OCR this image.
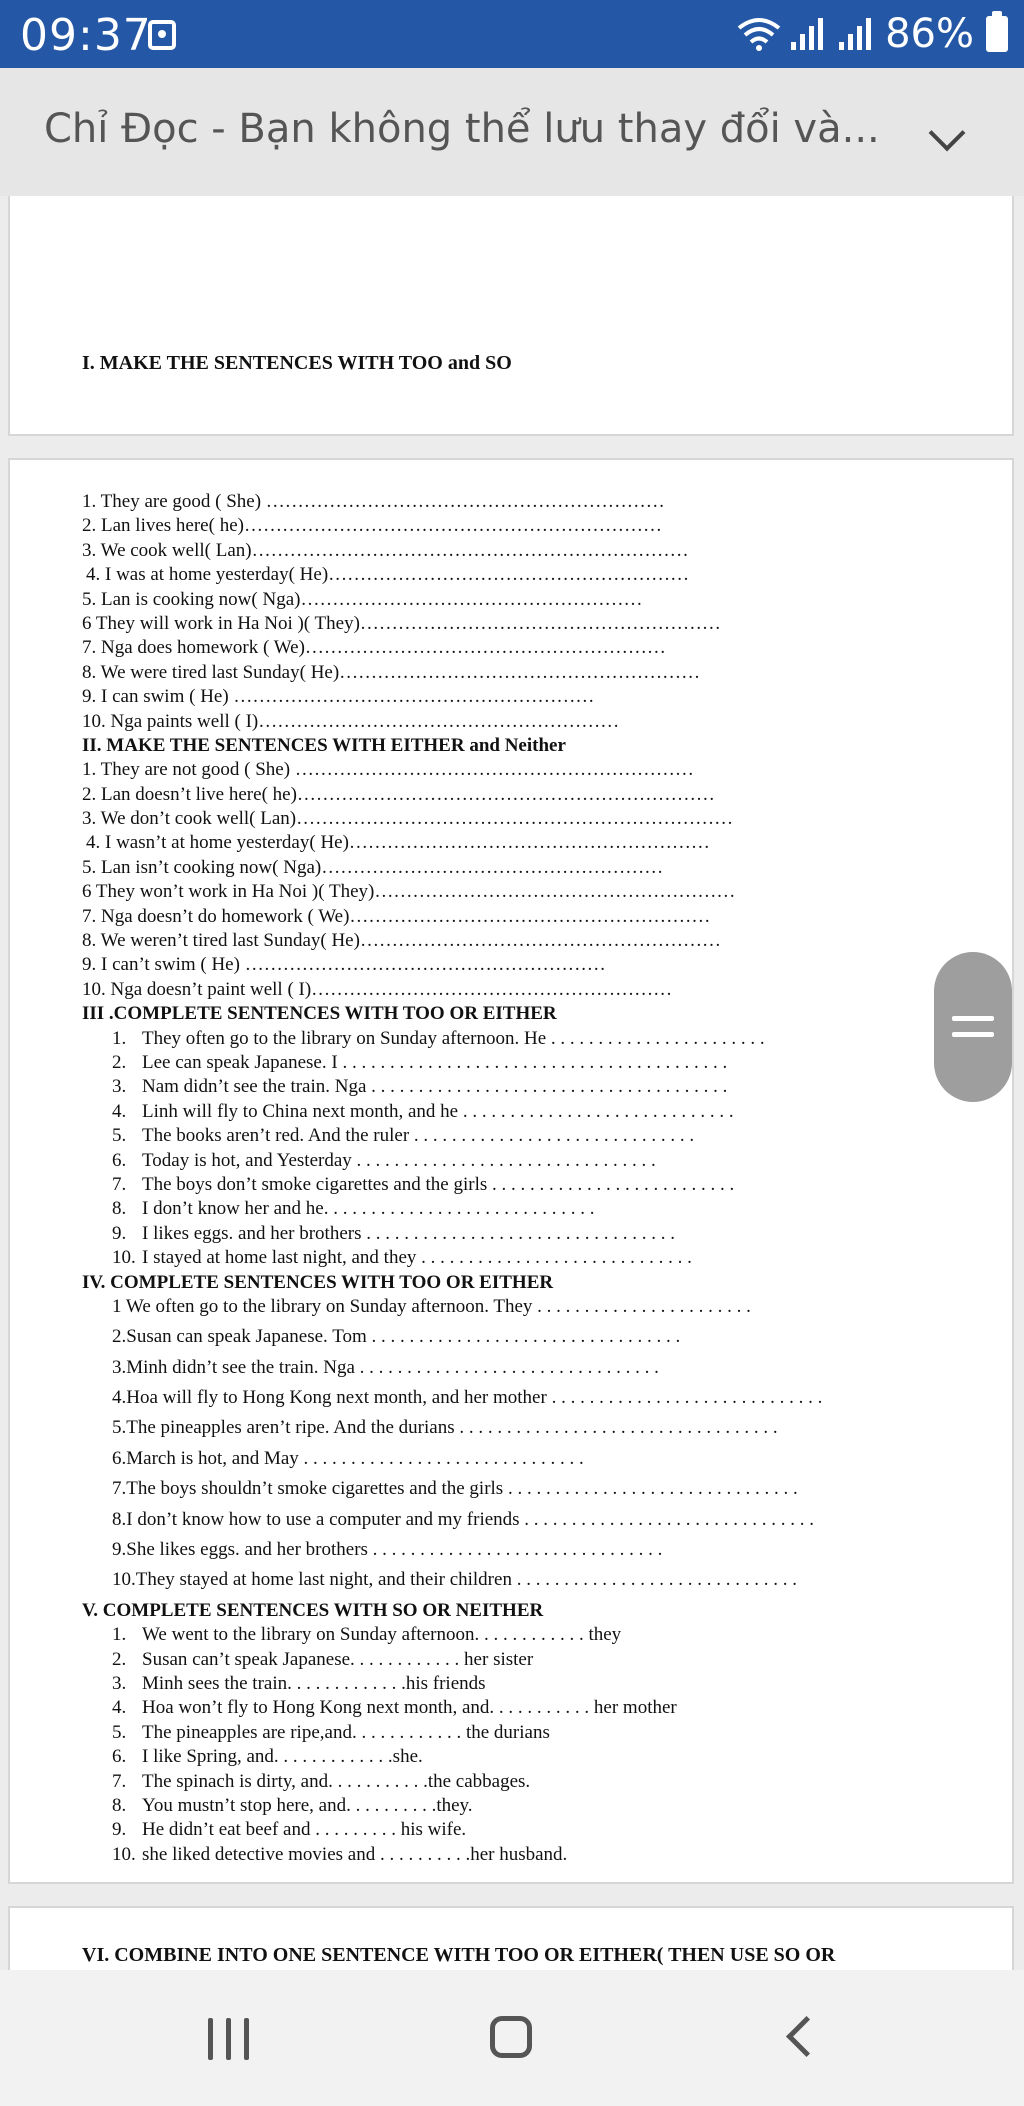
09:37	86%
Chỉ Đọc - Bạn không thể lưu thay đổi và...
I. MAKE THE SENTENCES WITH TOO and SO
1. They are good ( She) ………………………………………………………
2. Lan lives here( he)…………………………………………………………
3. We cook well( Lan)……………………………………………………………
4. I was at home yesterday( He)…………………………………………………
5. Lan is cooking now( Nga)………………………………………………
6 They will work in Ha Noi )( They)…………………………………………………
7. Nga does homework ( We)…………………………………………………
8. We were tired last Sunday( He)…………………………………………………
9. I can swim ( He) …………………………………………………
10. Nga paints well ( I)…………………………………………………
II. MAKE THE SENTENCES WITH EITHER and Neither
1. They are not good ( She) ………………………………………………………
2. Lan doesn’t live here( he)…………………………………………………………
3. We don’t cook well( Lan)……………………………………………………………
4. I wasn’t at home yesterday( He)…………………………………………………
5. Lan isn’t cooking now( Nga)………………………………………………
6 They won’t work in Ha Noi )( They)…………………………………………………
7. Nga doesn’t do homework ( We)…………………………………………………
8. We weren’t tired last Sunday( He)…………………………………………………
9. I can’t swim ( He) …………………………………………………
10. Nga doesn’t paint well ( I)…………………………………………………
III .COMPLETE SENTENCES WITH TOO OR EITHER
1. They often go to the library on Sunday afternoon. He . . . . . . . . . . . . . . . . . . . . . . .
2. Lee can speak Japanese. I . . . . . . . . . . . . . . . . . . . . . . . . . . . . . . . . . . . . . . . . .
3. Nam didn’t see the train. Nga . . . . . . . . . . . . . . . . . . . . . . . . . . . . . . . . . . . . . .
4. Linh will fly to China next month, and he . . . . . . . . . . . . . . . . . . . . . . . . . . . . .
5. The books aren’t red. And the ruler . . . . . . . . . . . . . . . . . . . . . . . . . . . . . .
6. Today is hot, and Yesterday . . . . . . . . . . . . . . . . . . . . . . . . . . . . . . . .
7. The boys don’t smoke cigarettes and the girls . . . . . . . . . . . . . . . . . . . . . . . . . .
8. I don’t know her and he. . . . . . . . . . . . . . . . . . . . . . . . . . . . .
9. I likes eggs. and her brothers . . . . . . . . . . . . . . . . . . . . . . . . . . . . . . . . .
10. I stayed at home last night, and they . . . . . . . . . . . . . . . . . . . . . . . . . . . . .
IV. COMPLETE SENTENCES WITH TOO OR EITHER
1 We often go to the library on Sunday afternoon. They . . . . . . . . . . . . . . . . . . . . . . .2.Susan can speak Japanese. Tom . . . . . . . . . . . . . . . . . . . . . . . . . . . . . . . . .3.Minh didn’t see the train. Nga . . . . . . . . . . . . . . . . . . . . . . . . . . . . . . . .4.Hoa will fly to Hong Kong next month, and her mother . . . . . . . . . . . . . . . . . . . . . . . . . . . . .5.The pineapples aren’t ripe. And the durians . . . . . . . . . . . . . . . . . . . . . . . . . . . . . . . . . .6.March is hot, and May . . . . . . . . . . . . . . . . . . . . . . . . . . . . . .7.The boys shouldn’t smoke cigarettes and the girls . . . . . . . . . . . . . . . . . . . . . . . . . . . . . . .8.I don’t know how to use a computer and my friends . . . . . . . . . . . . . . . . . . . . . . . . . . . . . . .9.She likes eggs. and her brothers . . . . . . . . . . . . . . . . . . . . . . . . . . . . . . .10.They stayed at home last night, and their children . . . . . . . . . . . . . . . . . . . . . . . . . . . . . .
V. COMPLETE SENTENCES WITH SO OR NEITHER
1. We went to the library on Sunday afternoon. . . . . . . . . . . . they
2. Susan can’t speak Japanese. . . . . . . . . . . . her sister
3. Minh sees the train. . . . . . . . . . . . .his friends
4. Hoa won’t fly to Hong Kong next month, and. . . . . . . . . . . her mother
5. The pineapples are ripe,and. . . . . . . . . . . . the durians
6. I like Spring, and. . . . . . . . . . . . .she.
7. The spinach is dirty, and. . . . . . . . . . .the cabbages.
8. You mustn’t stop here, and. . . . . . . . . .they.
9. He didn’t eat beef and . . . . . . . . . his wife.
10. she liked detective movies and . . . . . . . . . .her husband.
VI. COMBINE INTO ONE SENTENCE WITH TOO OR EITHER( THEN USE SO OR
